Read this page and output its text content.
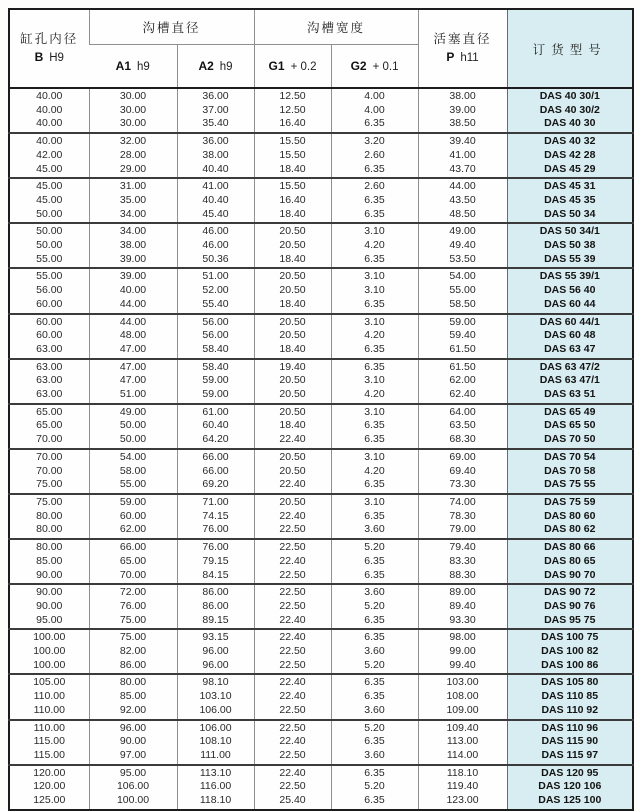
缸孔内径
B H9
	沟槽直径	沟槽宽度	
活塞直径
P h11
	订货型号
	A1 h9	A2 h9	G1 + 0.2	G2 + 0.1		
40.00	30.00	36.00	12.50	4.00	38.00	DAS 40 30/1
40.00	30.00	37.00	12.50	4.00	39.00	DAS 40 30/2
40.00	30.00	35.40	16.40	6.35	38.50	DAS 40 30
40.00	32.00	36.00	15.50	3.20	39.40	DAS 40 32
42.00	28.00	38.00	15.50	2.60	41.00	DAS 42 28
45.00	29.00	40.40	18.40	6.35	43.70	DAS 45 29
45.00	31.00	41.00	15.50	2.60	44.00	DAS 45 31
45.00	35.00	40.40	16.40	6.35	43.50	DAS 45 35
50.00	34.00	45.40	18.40	6.35	48.50	DAS 50 34
50.00	34.00	46.00	20.50	3.10	49.00	DAS 50 34/1
50.00	38.00	46.00	20.50	4.20	49.40	DAS 50 38
55.00	39.00	50.36	18.40	6.35	53.50	DAS 55 39
55.00	39.00	51.00	20.50	3.10	54.00	DAS 55 39/1
56.00	40.00	52.00	20.50	3.10	55.00	DAS 56 40
60.00	44.00	55.40	18.40	6.35	58.50	DAS 60 44
60.00	44.00	56.00	20.50	3.10	59.00	DAS 60 44/1
60.00	48.00	56.00	20.50	4.20	59.40	DAS 60 48
63.00	47.00	58.40	18.40	6.35	61.50	DAS 63 47
63.00	47.00	58.40	19.40	6.35	61.50	DAS 63 47/2
63.00	47.00	59.00	20.50	3.10	62.00	DAS 63 47/1
63.00	51.00	59.00	20.50	4.20	62.40	DAS 63 51
65.00	49.00	61.00	20.50	3.10	64.00	DAS 65 49
65.00	50.00	60.40	18.40	6.35	63.50	DAS 65 50
70.00	50.00	64.20	22.40	6.35	68.30	DAS 70 50
70.00	54.00	66.00	20.50	3.10	69.00	DAS 70 54
70.00	58.00	66.00	20.50	4.20	69.40	DAS 70 58
75.00	55.00	69.20	22.40	6.35	73.30	DAS 75 55
75.00	59.00	71.00	20.50	3.10	74.00	DAS 75 59
80.00	60.00	74.15	22.40	6.35	78.30	DAS 80 60
80.00	62.00	76.00	22.50	3.60	79.00	DAS 80 62
80.00	66.00	76.00	22.50	5.20	79.40	DAS 80 66
85.00	65.00	79.15	22.40	6.35	83.30	DAS 80 65
90.00	70.00	84.15	22.50	6.35	88.30	DAS 90 70
90.00	72.00	86.00	22.50	3.60	89.00	DAS 90 72
90.00	76.00	86.00	22.50	5.20	89.40	DAS 90 76
95.00	75.00	89.15	22.40	6.35	93.30	DAS 95 75
100.00	75.00	93.15	22.40	6.35	98.00	DAS 100 75
100.00	82.00	96.00	22.50	3.60	99.00	DAS 100 82
100.00	86.00	96.00	22.50	5.20	99.40	DAS 100 86
105.00	80.00	98.10	22.40	6.35	103.00	DAS 105 80
110.00	85.00	103.10	22.40	6.35	108.00	DAS 110 85
110.00	92.00	106.00	22.50	3.60	109.00	DAS 110 92
110.00	96.00	106.00	22.50	5.20	109.40	DAS 110 96
115.00	90.00	108.10	22.40	6.35	113.00	DAS 115 90
115.00	97.00	111.00	22.50	3.60	114.00	DAS 115 97
120.00	95.00	113.10	22.40	6.35	118.10	DAS 120 95
120.00	106.00	116.00	22.50	5.20	119.40	DAS 120 106
125.00	100.00	118.10	25.40	6.35	123.00	DAS 125 100
